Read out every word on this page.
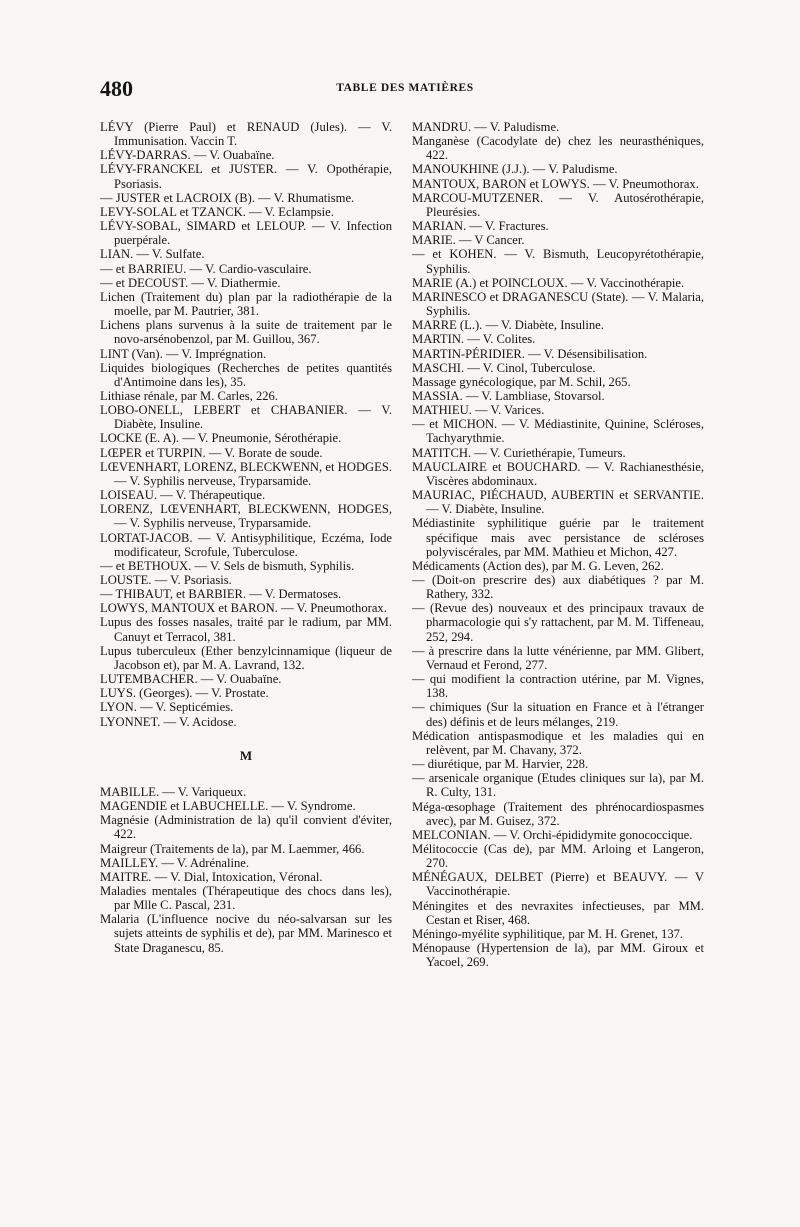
480	TABLE DES MATIÈRES

LÉVY (Pierre Paul) et RENAUD (Jules). — V. Immunisation. Vaccin T.

LÉVY-DARRAS. — V. Ouabaïne.

LÉVY-FRANCKEL et JUSTER. — V. Opothérapie, Psoriasis.

— JUSTER et LACROIX (B). — V. Rhumatisme.

LEVY-SOLAL et TZANCK. — V. Eclampsie.

LÉVY-SOBAL, SIMARD et LELOUP. — V. Infection puerpérale.

LIAN. — V. Sulfate.

— et BARRIEU. — V. Cardio-vasculaire.

— et DECOUST. — V. Diathermie.

Lichen (Traitement du) plan par la radiothérapie de la moelle, par M. Pautrier, 381.

Lichens plans survenus à la suite de traitement par le novo-arsénobenzol, par M. Guillou, 367.

LINT (Van). — V. Imprégnation.

Liquides biologiques (Recherches de petites quantités d'Antimoine dans les), 35.

Lithiase rénale, par M. Carles, 226.

LOBO-ONELL, LEBERT et CHABANIER. — V. Diabète, Insuline.

LOCKE (E. A). — V. Pneumonie, Sérothérapie.

LŒPER et TURPIN. — V. Borate de soude.

LŒVENHART, LORENZ, BLECKWENN, et HODGES. — V. Syphilis nerveuse, Tryparsamide.

LOISEAU. — V. Thérapeutique.

LORENZ, LŒVENHART, BLECKWENN, HODGES, — V. Syphilis nerveuse, Tryparsamide.

LORTAT-JACOB. — V. Antisyphilitique, Eczéma, Iode modificateur, Scrofule, Tuberculose.

— et BETHOUX. — V. Sels de bismuth, Syphilis.

LOUSTE. — V. Psoriasis.

— THIBAUT, et BARBIER. — V. Dermatoses.

LOWYS, MANTOUX et BARON. — V. Pneumothorax.

Lupus des fosses nasales, traité par le radium, par MM. Canuyt et Terracol, 381.

Lupus tuberculeux (Ether benzylcinnamique (liqueur de Jacobson et), par M. A. Lavrand, 132.

LUTEMBACHER. — V. Ouabaïne.

LUYS. (Georges). — V. Prostate.

LYON. — V. Septicémies.

LYONNET. — V. Acidose.

M

MABILLE. — V. Variqueux.

MAGENDIE et LABUCHELLE. — V. Syndrome.

Magnésie (Administration de la) qu'il convient d'éviter, 422.

Maigreur (Traitements de la), par M. Laemmer, 466.

MAILLEY. — V. Adrénaline.

MAITRE. — V. Dial, Intoxication, Véronal.

Maladies mentales (Thérapeutique des chocs dans les), par Mlle C. Pascal, 231.

Malaria (L'influence nocive du néo-salvarsan sur les sujets atteints de syphilis et de), par MM. Marinesco et State Draganescu, 85.

MANDRU. — V. Paludisme.

Manganèse (Cacodylate de) chez les neurasthéniques, 422.

MANOUKHINE (J.J.). — V. Paludisme.

MANTOUX, BARON et LOWYS. — V. Pneumothorax.

MARCOU-MUTZENER. — V. Autosérothérapie, Pleurésies.

MARIAN. — V. Fractures.

MARIE. — V Cancer.

— et KOHEN. — V. Bismuth, Leucopyrétothérapie, Syphilis.

MARIE (A.) et POINCLOUX. — V. Vaccinothérapie.

MARINESCO et DRAGANESCU (State). — V. Malaria, Syphilis.

MARRE (L.). — V. Diabète, Insuline.

MARTIN. — V. Colites.

MARTIN-PÉRIDIER. — V. Désensibilisation.

MASCHI. — V. Cinol, Tuberculose.

Massage gynécologique, par M. Schil, 265.

MASSIA. — V. Lambliase, Stovarsol.

MATHIEU. — V. Varices.

— et MICHON. — V. Médiastinite, Quinine, Scléroses, Tachyarythmie.

MATITCH. — V. Curiethérapie, Tumeurs.

MAUCLAIRE et BOUCHARD. — V. Rachianesthésie, Viscères abdominaux.

MAURIAC, PIÉCHAUD, AUBERTIN et SERVANTIE. — V. Diabète, Insuline.

Médiastinite syphilitique guérie par le traitement spécifique mais avec persistance de scléroses polyviscérales, par MM. Mathieu et Michon, 427.

Médicaments (Action des), par M. G. Leven, 262.

— (Doit-on prescrire des) aux diabétiques ? par M. Rathery, 332.

— (Revue des) nouveaux et des principaux travaux de pharmacologie qui s'y rattachent, par M. M. Tiffeneau, 252, 294.

— à prescrire dans la lutte vénérienne, par MM. Glibert, Vernaud et Ferond, 277.

— qui modifient la contraction utérine, par M. Vignes, 138.

— chimiques (Sur la situation en France et à l'étranger des) définis et de leurs mélanges, 219.

Médication antispasmodique et les maladies qui en relèvent, par M. Chavany, 372.

— diurétique, par M. Harvier, 228.

— arsenicale organique (Etudes cliniques sur la), par M. R. Culty, 131.

Méga-œsophage (Traitement des phrénocardiospasmes avec), par M. Guisez, 372.

MELCONIAN. — V. Orchi-épididymite gonococcique.

Mélitococcie (Cas de), par MM. Arloing et Langeron, 270.

MÉNÉGAUX, DELBET (Pierre) et BEAUVY. — V Vaccinothérapie.

Méningites et des nevraxites infectieuses, par MM. Cestan et Riser, 468.

Méningo-myélite syphilitique, par M. H. Grenet, 137.

Ménopause (Hypertension de la), par MM. Giroux et Yacoel, 269.
